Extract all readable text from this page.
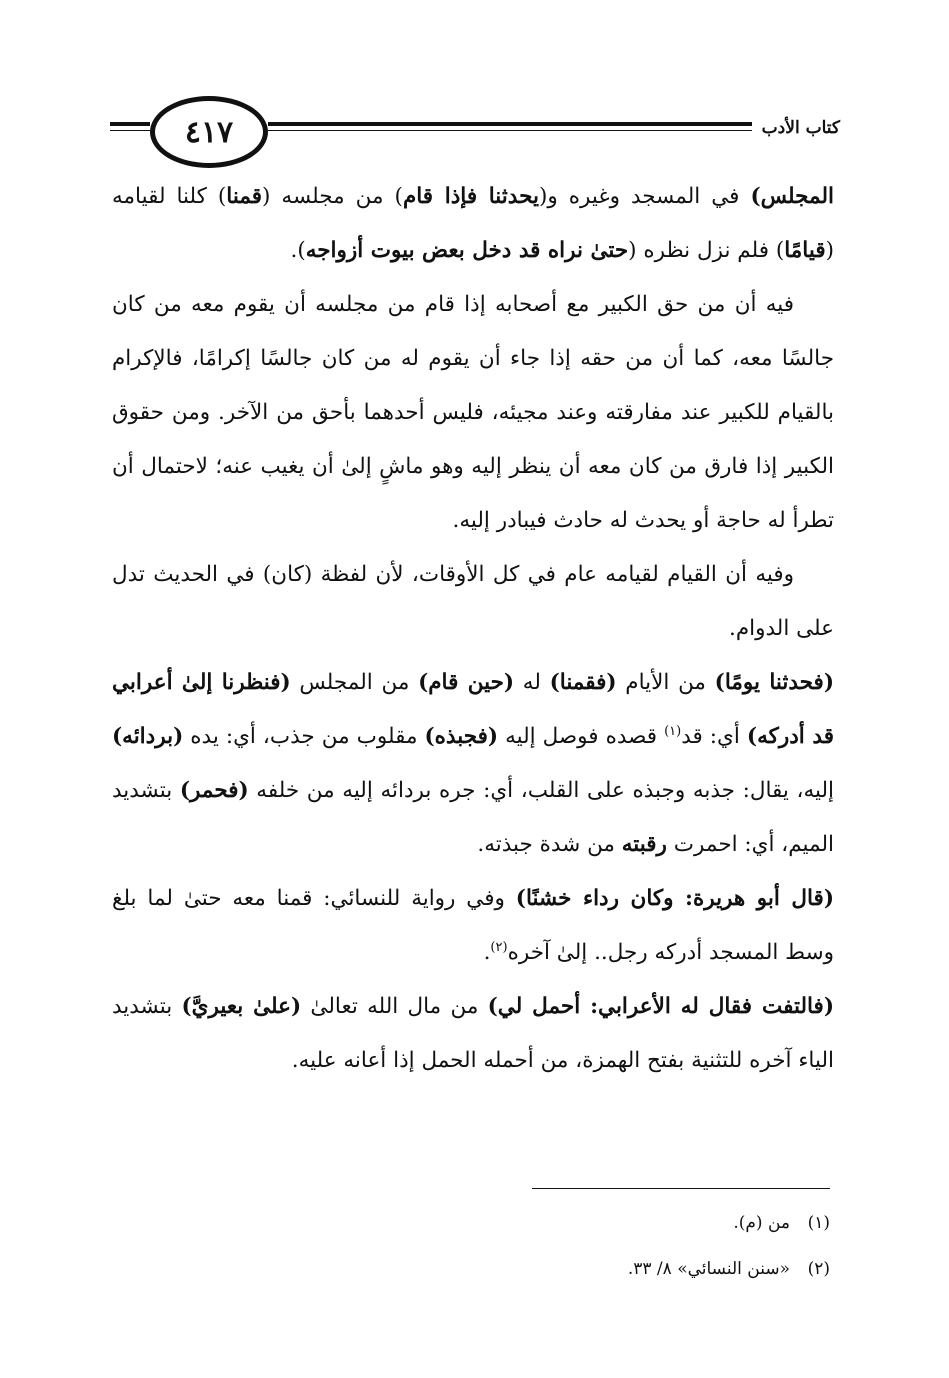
٤١٧	كتاب الأدب

المجلس) في المسجد وغيره و(يحدثنا فإذا قام) من مجلسه (قمنا) كلنا لقيامه (قيامًا) فلم نزل نظره (حتىٰ نراه قد دخل بعض بيوت أزواجه).

فيه أن من حق الكبير مع أصحابه إذا قام من مجلسه أن يقوم معه من كان جالسًا معه، كما أن من حقه إذا جاء أن يقوم له من كان جالسًا إكرامًا، فالإكرام بالقيام للكبير عند مفارقته وعند مجيئه، فليس أحدهما بأحق من الآخر. ومن حقوق الكبير إذا فارق من كان معه أن ينظر إليه وهو ماشٍ إلىٰ أن يغيب عنه؛ لاحتمال أن تطرأ له حاجة أو يحدث له حادث فيبادر إليه.

وفيه أن القيام لقيامه عام في كل الأوقات، لأن لفظة (كان) في الحديث تدل على الدوام.

(فحدثنا يومًا) من الأيام (فقمنا) له (حين قام) من المجلس (فنظرنا إلىٰ أعرابي قد أدركه) أي: قد$^{(١)}$ قصده فوصل إليه (فجبذه) مقلوب من جذب، أي: يده (بردائه) إليه، يقال: جذبه وجبذه على القلب، أي: جره بردائه إليه من خلفه (فحمر) بتشديد الميم، أي: احمرت رقبته من شدة جبذته.

(قال أبو هريرة: وكان رداء خشنًا) وفي رواية للنسائي: قمنا معه حتىٰ لما بلغ وسط المسجد أدركه رجل.. إلىٰ آخره$^{(٢)}$.

(فالتفت فقال له الأعرابي: أحمل لي) من مال الله تعالىٰ (علىٰ بعيريَّ) بتشديد الياء آخره للتثنية بفتح الهمزة، من أحمله الحمل إذا أعانه عليه.

(١)من (م).
(٢)«سنن النسائي» ٨/ ٣٣.
